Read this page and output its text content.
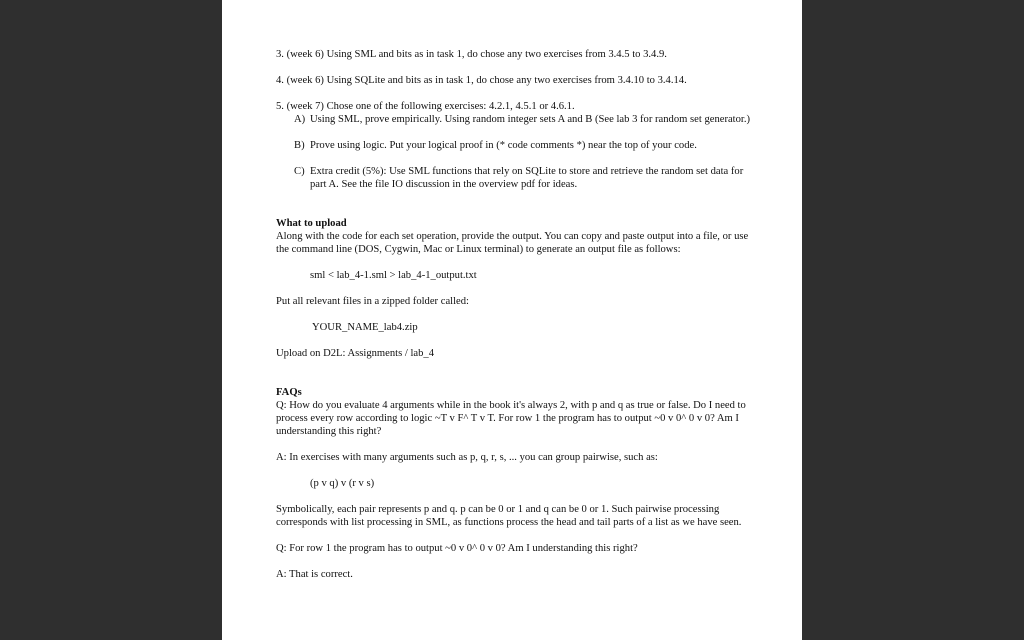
3. (week 6) Using SML and bits as in task 1, do chose any two exercises from 3.4.5 to 3.4.9.

4. (week 6) Using SQLite and bits as in task 1, do chose any two exercises from 3.4.10 to 3.4.14.

5. (week 7) Chose one of the following exercises: 4.2.1, 4.5.1 or 4.6.1.

A) Using SML, prove empirically. Using random integer sets A and B (See lab 3 for random set generator.)
B) Prove using logic. Put your logical proof in (* code comments *) near the top of your code.
C) Extra credit (5%): Use SML functions that rely on SQLite to store and retrieve the random set data for part A. See the file IO discussion in the overview pdf for ideas.

What to upload

Along with the code for each set operation, provide the output. You can copy and paste output into a file, or use the command line (DOS, Cygwin, Mac or Linux terminal) to generate an output file as follows:

sml < lab_4-1.sml > lab_4-1_output.txt

Put all relevant files in a zipped folder called:

YOUR_NAME_lab4.zip

Upload on D2L: Assignments / lab_4

FAQs

Q: How do you evaluate 4 arguments while in the book it's always 2, with p and q as true or false. Do I need to process every row according to logic ~T v F^ T v T. For row 1 the program has to output ~0 v 0^ 0 v 0? Am I understanding this right?

A: In exercises with many arguments such as p, q, r, s, ... you can group pairwise, such as:

(p v q) v (r v s)

Symbolically, each pair represents p and q. p can be 0 or 1 and q can be 0 or 1. Such pairwise processing corresponds with list processing in SML, as functions process the head and tail parts of a list as we have seen.

Q: For row 1 the program has to output ~0 v 0^ 0 v 0? Am I understanding this right?

A: That is correct.
